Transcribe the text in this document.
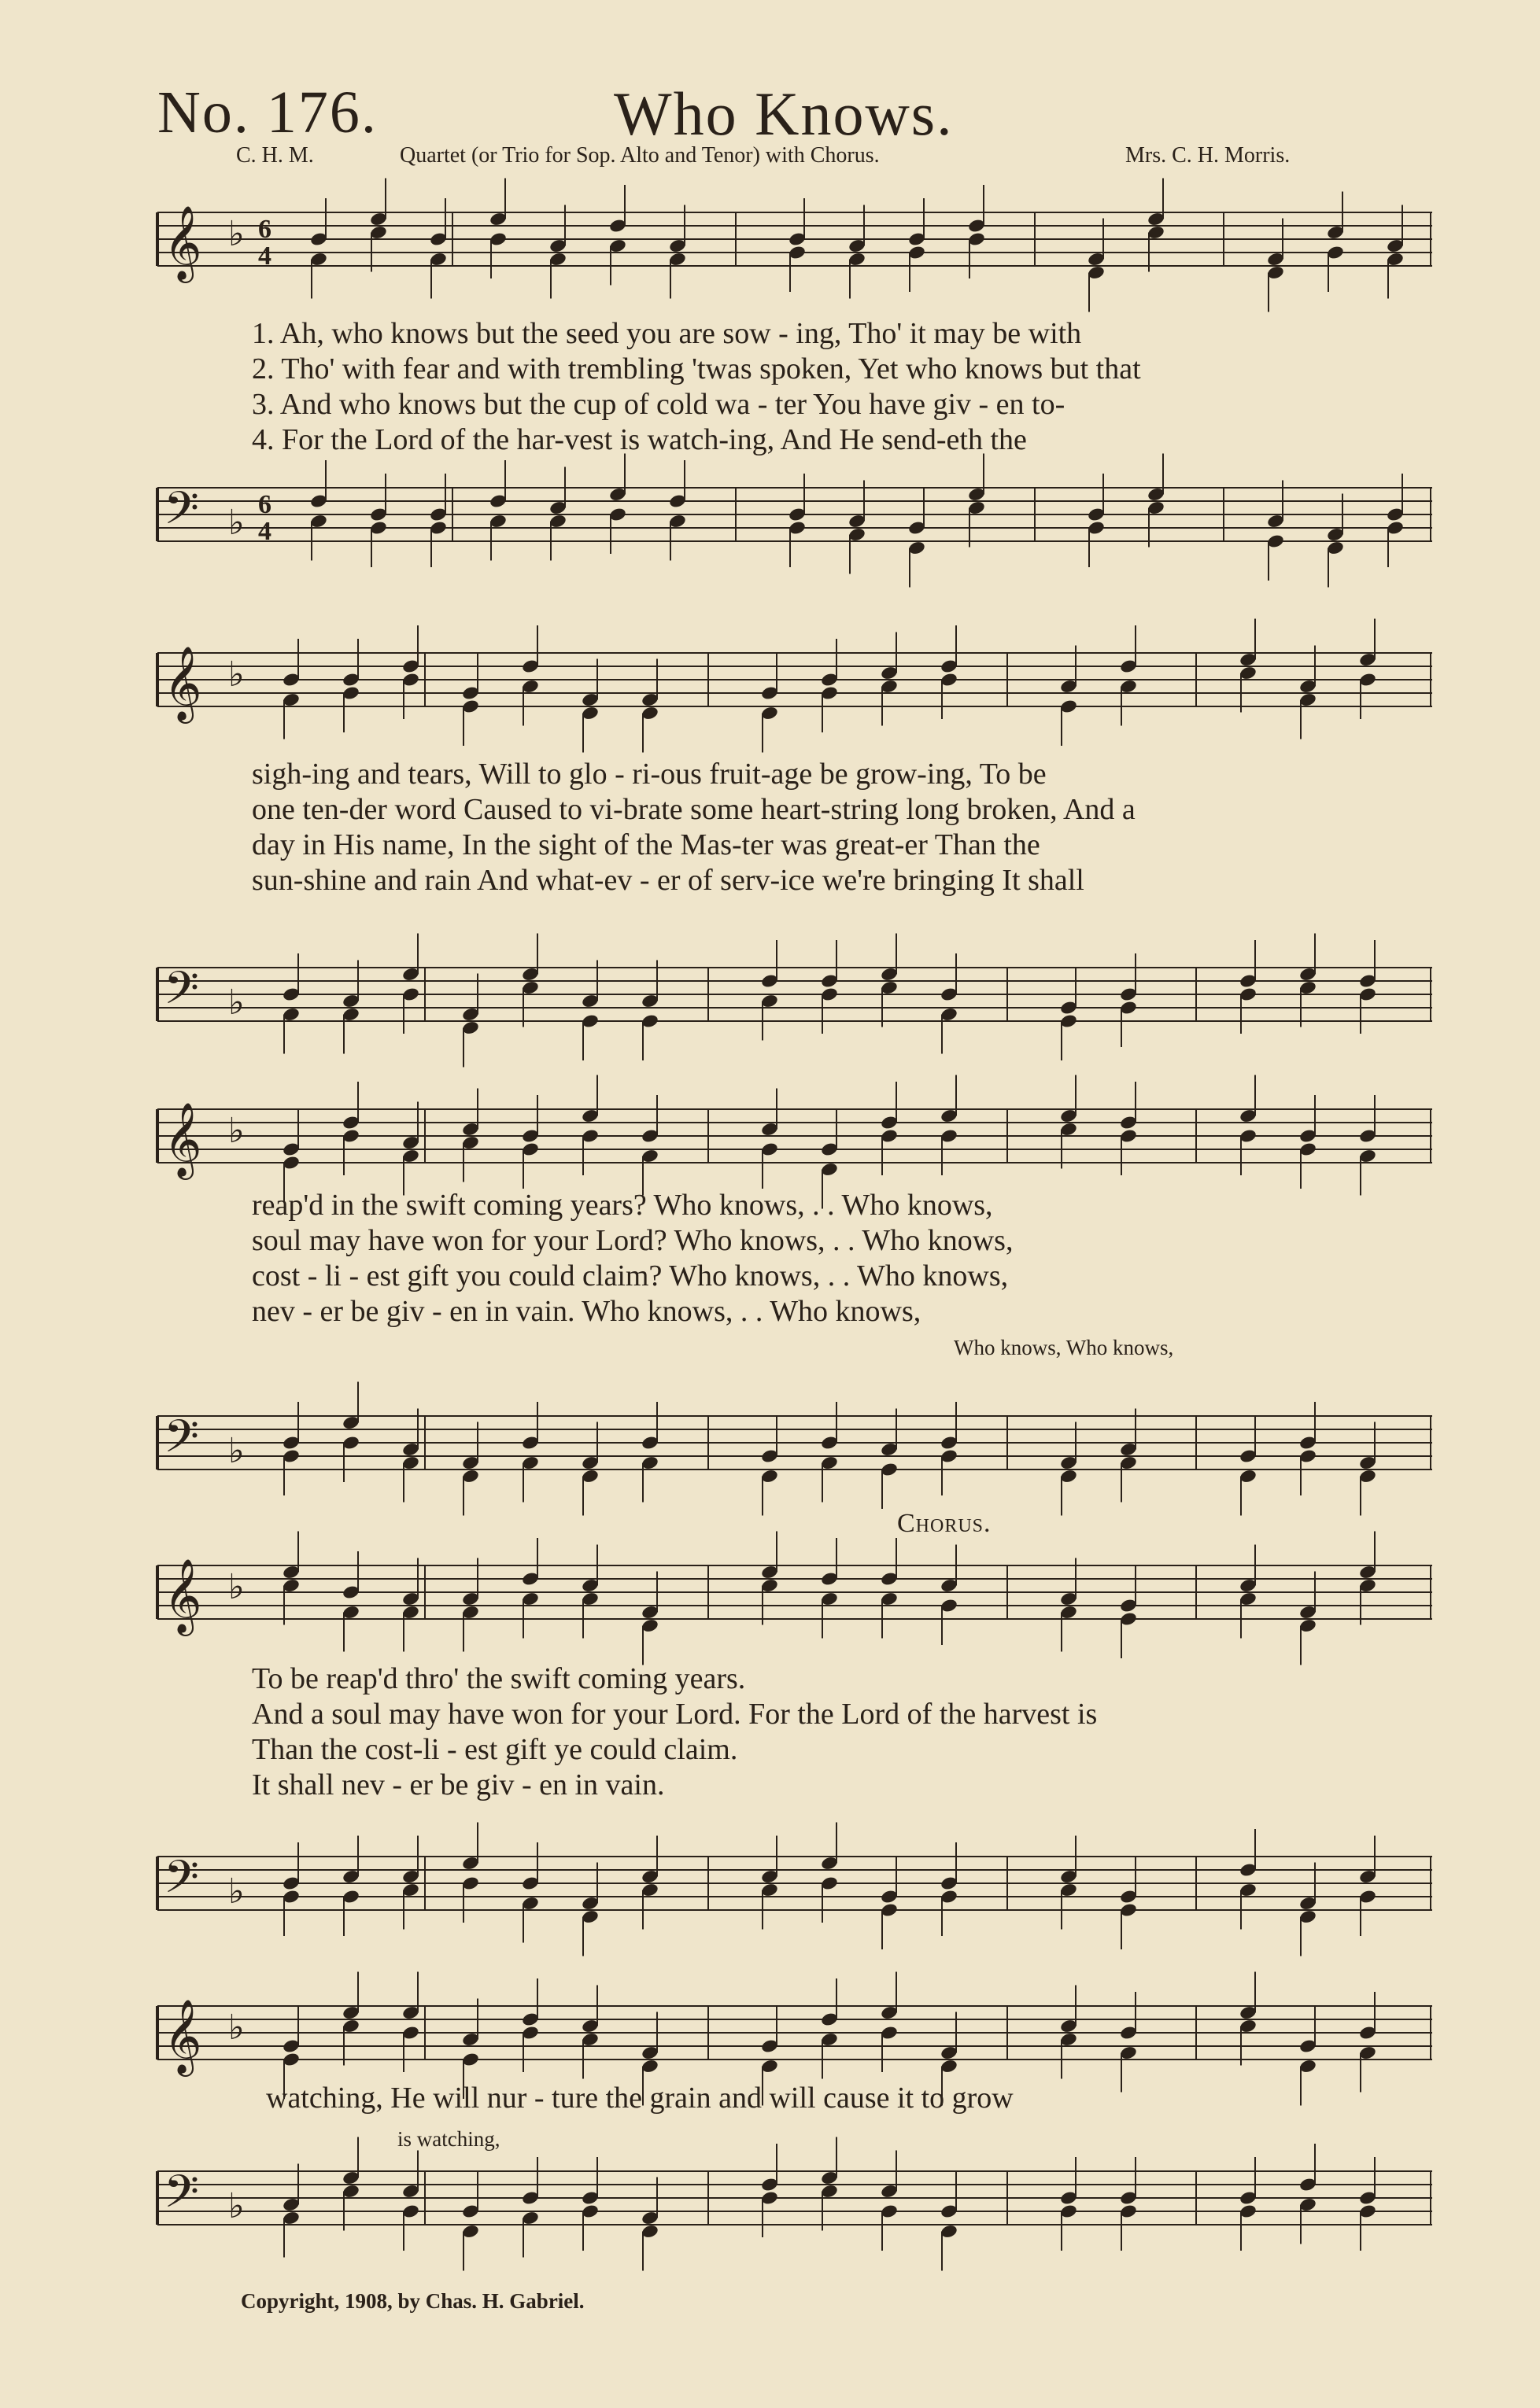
No. 176.	Who Knows.
C. H. M.	Quartet (or Trio for Sop. Alto and Tenor) with Chorus.	Mrs. C. H. Morris.
𝄞 ♭ 6
4
𝄢 ♭ 6
4
1. Ah, who knows but the seed you are sow - ing, Tho' it may be with
2. Tho' with fear and with trembling 'twas spoken, Yet who knows but that
3. And who knows but the cup of cold wa - ter You have giv - en to-
4. For the Lord of the har-vest is watch-ing, And He send-eth the
𝄞 ♭
𝄢 ♭
sigh-ing and tears, Will to glo - ri-ous fruit-age be grow-ing, To be
one ten-der word Caused to vi-brate some heart-string long broken, And a
day in His name, In the sight of the Mas-ter was great-er Than the
sun-shine and rain And what-ev - er of serv-ice we're bringing It shall
𝄞 ♭
𝄢 ♭
reap'd in the swift coming years? Who knows, . . Who knows,
soul may have won for your Lord? Who knows, . . Who knows,
cost - li - est gift you could claim? Who knows, . . Who knows,
nev - er be giv - en in vain. Who knows, . . Who knows,
Who knows, Who knows,
Chorus.
𝄞 ♭
𝄢 ♭
To be reap'd thro' the swift coming years.
And a soul may have won for your Lord. For the Lord of the harvest is
Than the cost-li - est gift ye could claim.
It shall nev - er be giv - en in vain.
𝄞 ♭
watching, He will nur - ture the grain and will cause it to grow
is watching,
𝄢 ♭
Copyright, 1908, by Chas. H. Gabriel.
